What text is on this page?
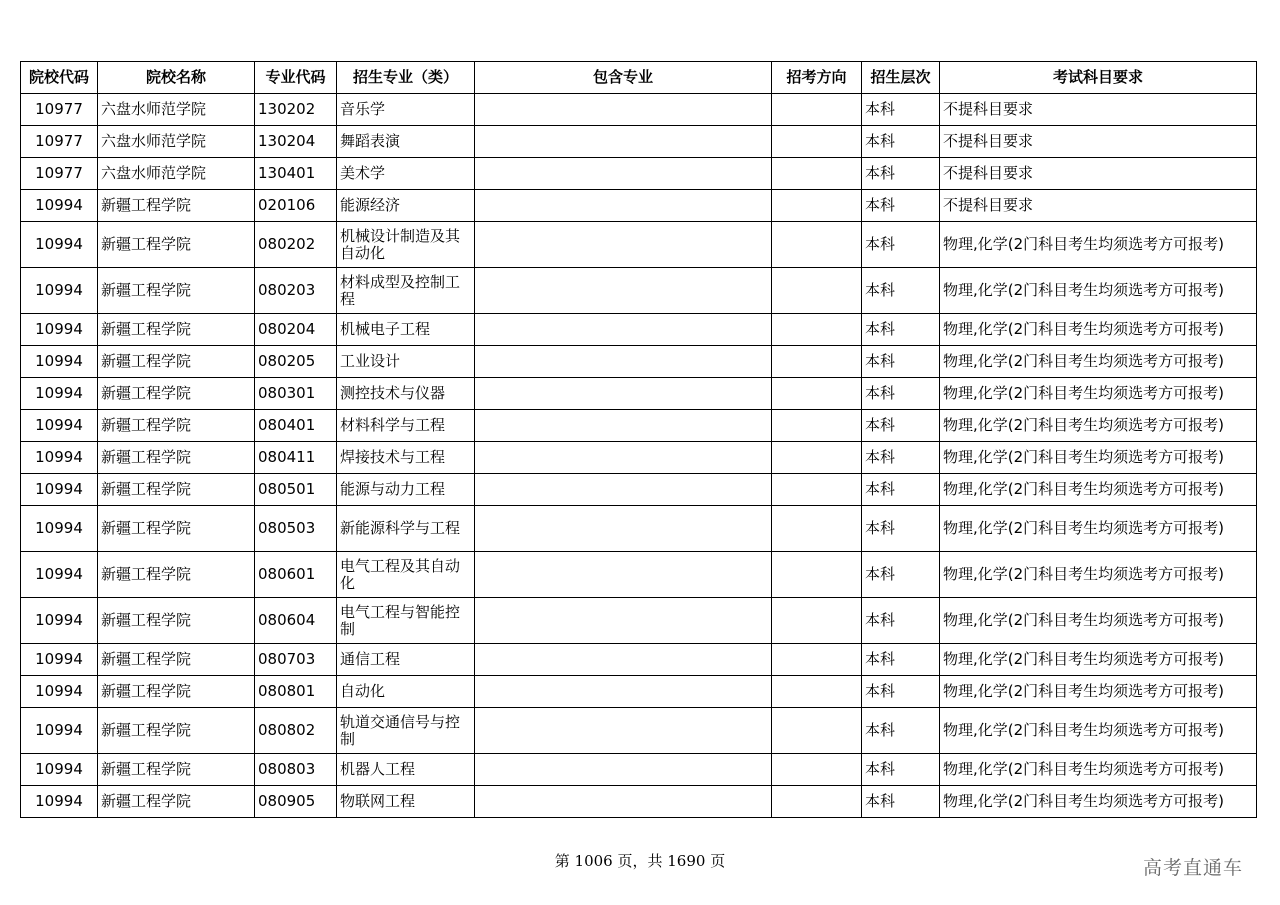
院校代码	院校名称	专业代码	招生专业（类）	包含专业	招考方向	招生层次	考试科目要求
10977	六盘水师范学院	130202	音乐学			本科	不提科目要求
10977	六盘水师范学院	130204	舞蹈表演			本科	不提科目要求
10977	六盘水师范学院	130401	美术学			本科	不提科目要求
10994	新疆工程学院	020106	能源经济			本科	不提科目要求
10994	新疆工程学院	080202	机械设计制造及其自动化			本科	物理,化学(2门科目考生均须选考方可报考)
10994	新疆工程学院	080203	材料成型及控制工程			本科	物理,化学(2门科目考生均须选考方可报考)
10994	新疆工程学院	080204	机械电子工程			本科	物理,化学(2门科目考生均须选考方可报考)
10994	新疆工程学院	080205	工业设计			本科	物理,化学(2门科目考生均须选考方可报考)
10994	新疆工程学院	080301	测控技术与仪器			本科	物理,化学(2门科目考生均须选考方可报考)
10994	新疆工程学院	080401	材料科学与工程			本科	物理,化学(2门科目考生均须选考方可报考)
10994	新疆工程学院	080411	焊接技术与工程			本科	物理,化学(2门科目考生均须选考方可报考)
10994	新疆工程学院	080501	能源与动力工程			本科	物理,化学(2门科目考生均须选考方可报考)
10994	新疆工程学院	080503	新能源科学与工程			本科	物理,化学(2门科目考生均须选考方可报考)
10994	新疆工程学院	080601	电气工程及其自动化			本科	物理,化学(2门科目考生均须选考方可报考)
10994	新疆工程学院	080604	电气工程与智能控制			本科	物理,化学(2门科目考生均须选考方可报考)
10994	新疆工程学院	080703	通信工程			本科	物理,化学(2门科目考生均须选考方可报考)
10994	新疆工程学院	080801	自动化			本科	物理,化学(2门科目考生均须选考方可报考)
10994	新疆工程学院	080802	轨道交通信号与控制			本科	物理,化学(2门科目考生均须选考方可报考)
10994	新疆工程学院	080803	机器人工程			本科	物理,化学(2门科目考生均须选考方可报考)
10994	新疆工程学院	080905	物联网工程			本科	物理,化学(2门科目考生均须选考方可报考)
第 1006 页，共 1690 页	高考直通车
